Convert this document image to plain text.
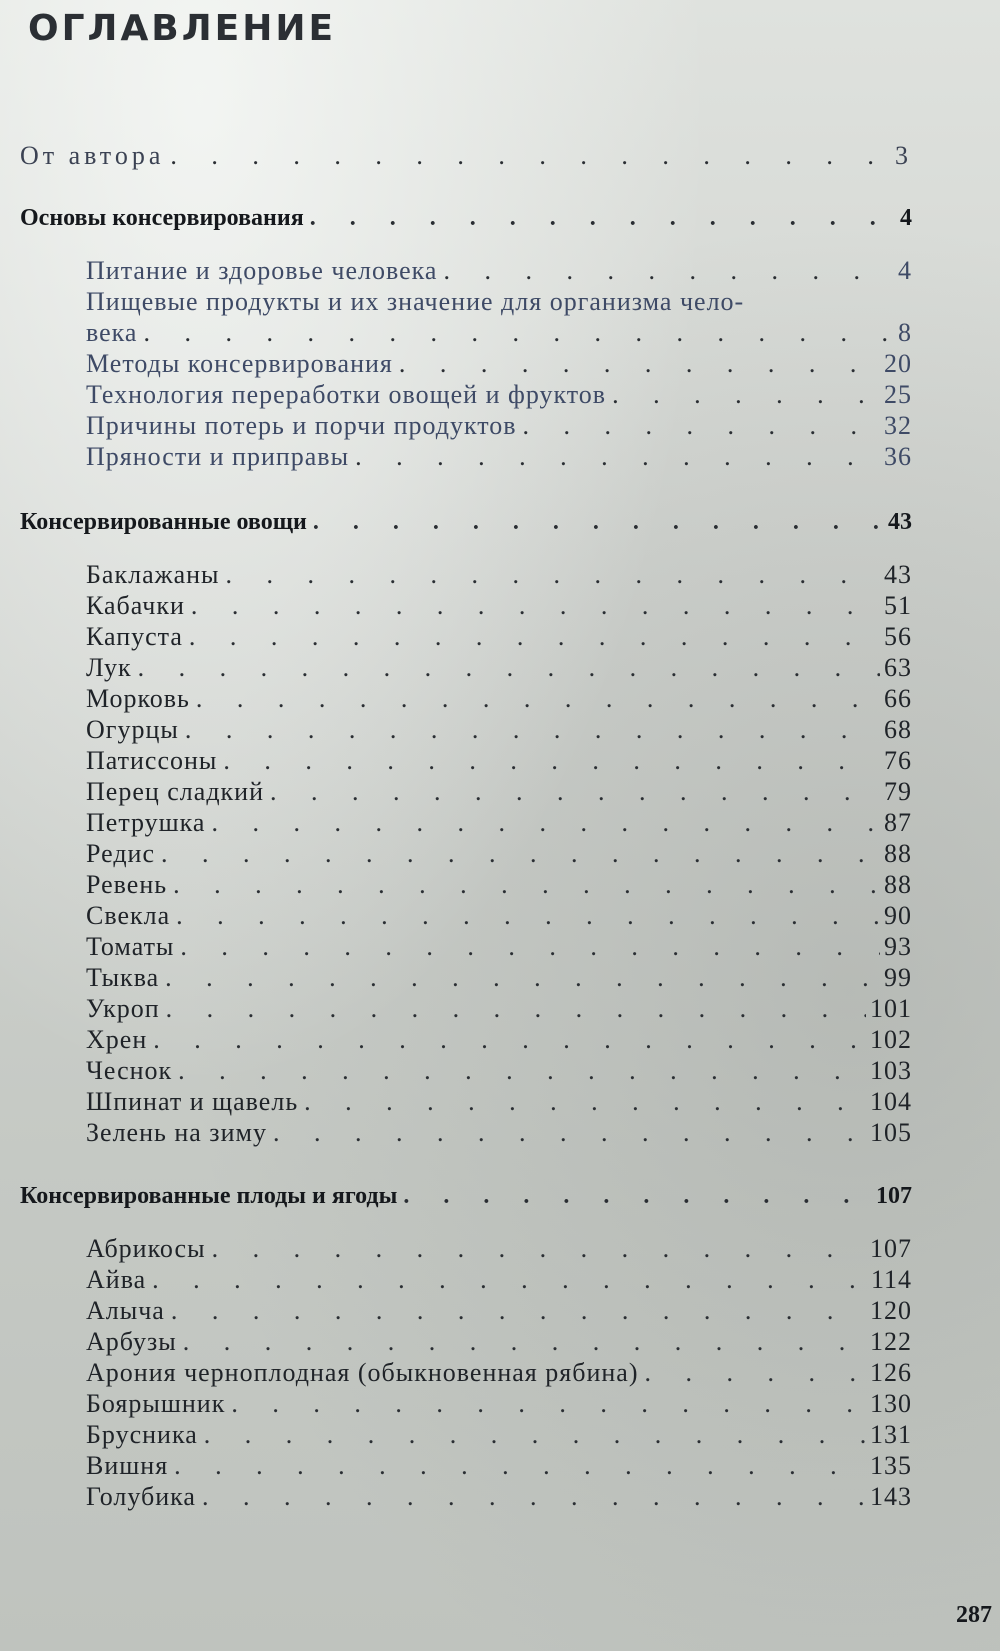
ОГЛАВЛЕНИЕ
От автора . . .	3
Основы консервирования . . .	4
Питание и здоровье человека . . .	4
Пищевые продукты и их значение для организма чело-
века . . .	8
Методы консервирования . . .	20
Технология переработки овощей и фруктов . . .	25
Причины потерь и порчи продуктов . . .	32
Пряности и приправы . . .	36
Консервированные овощи . . .	43
Баклажаны . . .	43
Кабачки . . .	51
Капуста . . .	56
Лук . . .	63
Морковь . . .	66
Огурцы . . .	68
Патиссоны . . .	76
Перец сладкий . . .	79
Петрушка . . .	87
Редис . . .	88
Ревень . . .	88
Свекла . . .	90
Томаты . . .	93
Тыква . . .	99
Укроп . . .	101
Хрен . . .	102
Чеснок . . .	103
Шпинат и щавель . . .	104
Зелень на зиму . . .	105
Консервированные плоды и ягоды . . .	107
Абрикосы . . .	107
Айва . . .	114
Алыча . . .	120
Арбузы . . .	122
Арония черноплодная (обыкновенная рябина) . . .	126
Боярышник . . .	130
Брусника . . .	131
Вишня . . .	135
Голубика . . .	143
287
